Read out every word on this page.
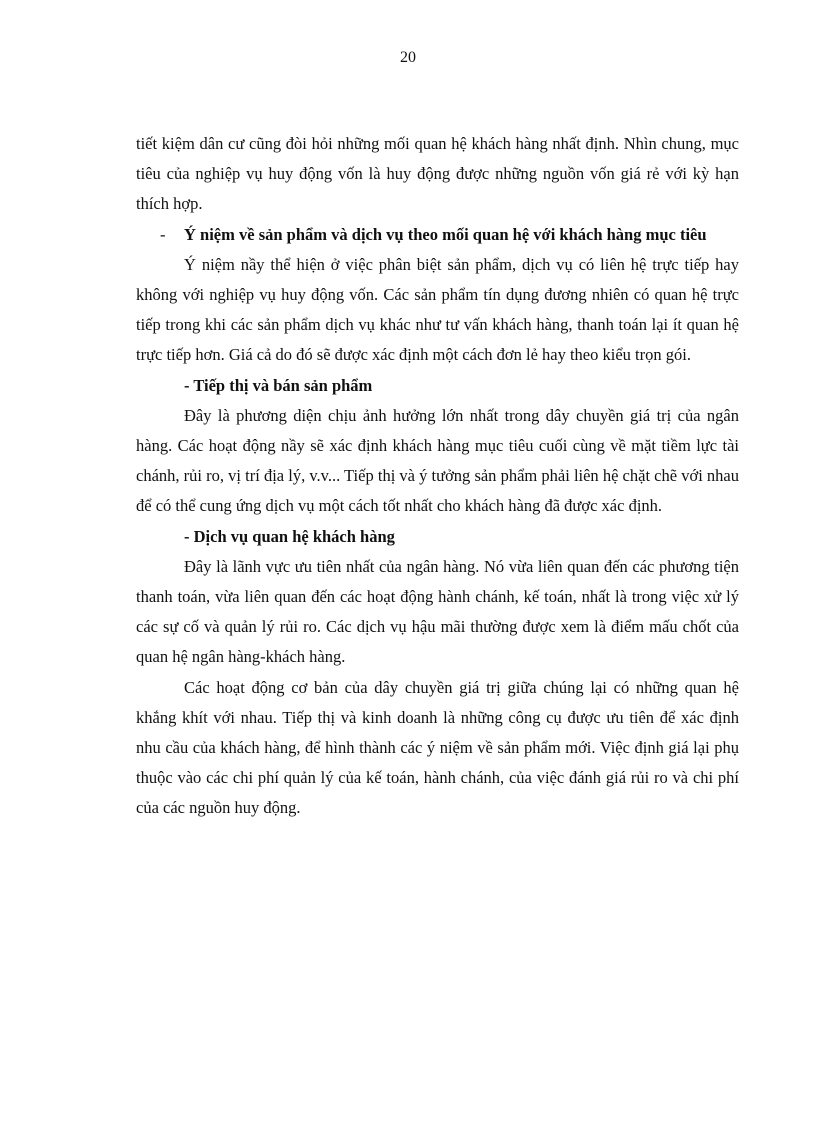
20

tiết kiệm dân cư cũng đòi hỏi những mối quan hệ khách hàng nhất định. Nhìn chung, mục tiêu của nghiệp vụ huy động vốn là huy động được những nguồn vốn giá rẻ với kỳ hạn thích hợp.

- Ý niệm về sản phẩm và dịch vụ theo mối quan hệ với khách hàng mục tiêu

Ý niệm nầy thể hiện ở việc phân biệt sản phẩm, dịch vụ có liên hệ trực tiếp hay không với nghiệp vụ huy động vốn. Các sản phẩm tín dụng đương nhiên có quan hệ trực tiếp trong khi các sản phẩm dịch vụ khác như tư vấn khách hàng, thanh toán lại ít quan hệ trực tiếp hơn. Giá cả do đó sẽ được xác định một cách đơn lẻ hay theo kiểu trọn gói.

- Tiếp thị và bán sản phẩm

Đây là phương diện chịu ảnh hưởng lớn nhất trong dây chuyền giá trị của ngân hàng. Các hoạt động nầy sẽ xác định khách hàng mục tiêu cuối cùng về mặt tiềm lực tài chánh, rủi ro, vị trí địa lý, v.v... Tiếp thị và ý tưởng sản phẩm phải liên hệ chặt chẽ với nhau để có thể cung ứng dịch vụ một cách tốt nhất cho khách hàng đã được xác định.

- Dịch vụ quan hệ khách hàng

Đây là lãnh vực ưu tiên nhất của ngân hàng. Nó vừa liên quan đến các phương tiện thanh toán, vừa liên quan đến các hoạt động hành chánh, kế toán, nhất là trong việc xử lý các sự cố và quản lý rủi ro. Các dịch vụ hậu mãi thường được xem là điểm mấu chốt của quan hệ ngân hàng-khách hàng.

Các hoạt động cơ bản của dây chuyền giá trị giữa chúng lại có những quan hệ khắng khít với nhau. Tiếp thị và kinh doanh là những công cụ được ưu tiên để xác định nhu cầu của khách hàng, để hình thành các ý niệm về sản phẩm mới. Việc định giá lại phụ thuộc vào các chi phí quản lý của kế toán, hành chánh, của việc đánh giá rủi ro và chi phí của các nguồn huy động.
